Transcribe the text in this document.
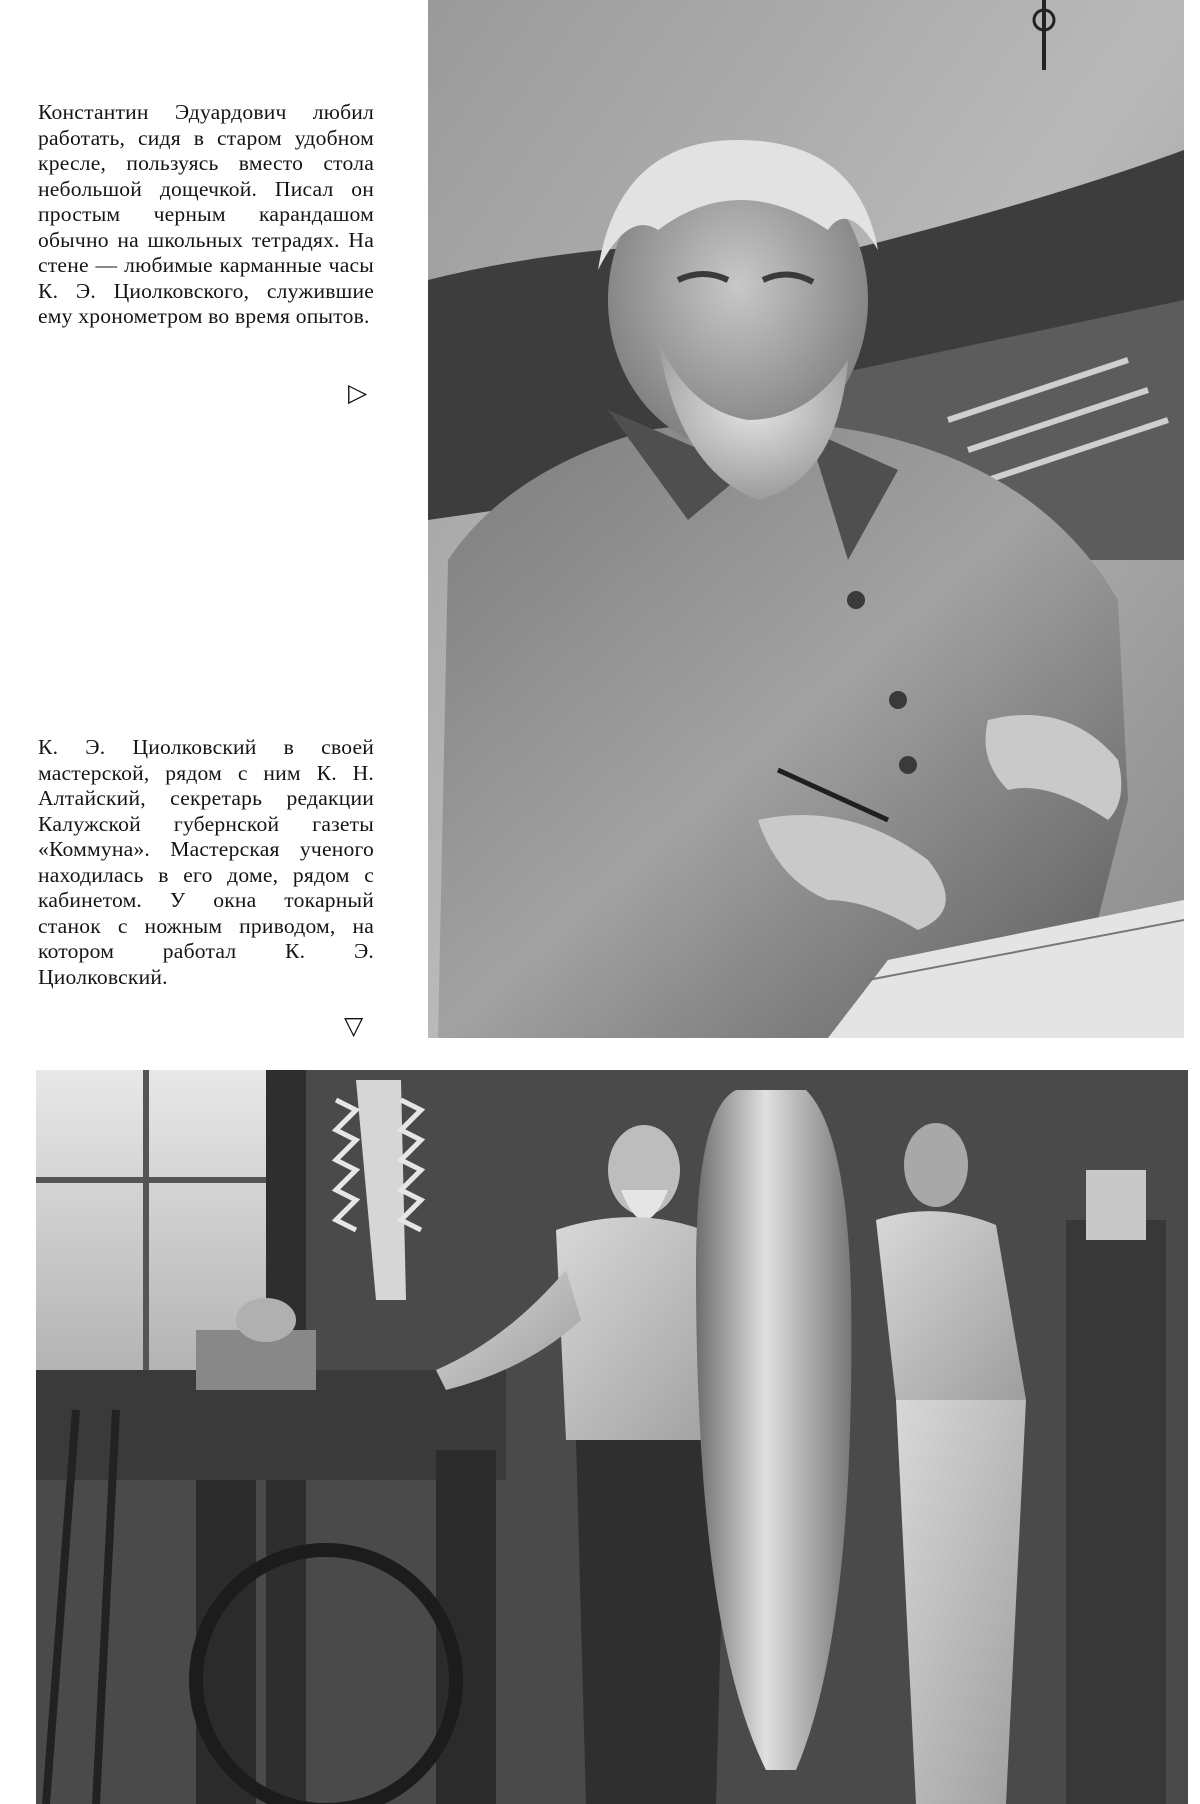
Константин Эдуардович любил работать, сидя в старом удобном кресле, пользуясь вместо стола небольшой дощечкой. Писал он простым черным карандашом обычно на школьных тетрадях. На стене — любимые карманные часы К. Э. Циолковского, служившие ему хронометром во время опытов.
▷
К. Э. Циолковский в своей мастерской, рядом с ним К. Н. Алтайский, секретарь редакции Калужской губернской газеты «Коммуна». Мастерская ученого находилась в его доме, рядом с кабинетом. У окна токарный станок с ножным приводом, на котором работал К. Э. Циолковский.
▽
